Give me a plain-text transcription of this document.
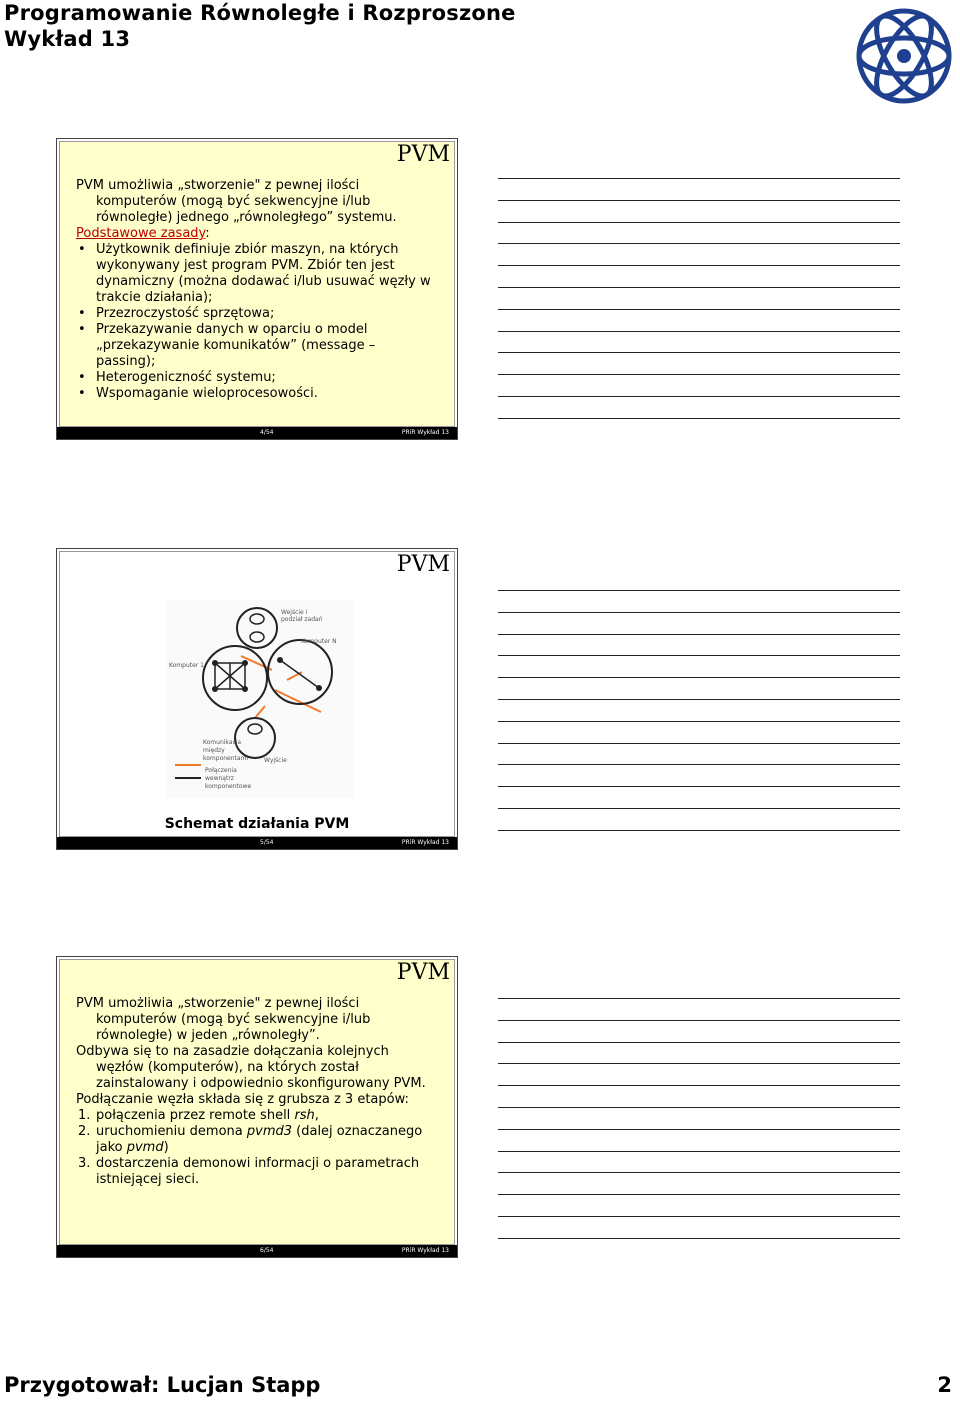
Programowanie Równoległe i Rozproszone
Wykład 13
PVM

PVM umożliwia „stworzenie" z pewnej ilości

komputerów (mogą być sekwencyjne i/lub

równoległe) jednego „równoległego” systemu.

Podstawowe zasady:

• Użytkownik definiuje zbiór maszyn, na których

wykonywany jest program PVM. Zbiór ten jest

dynamiczny (można dodawać i/lub usuwać węzły w

trakcie działania);

• Przezroczystość sprzętowa;

• Przekazywanie danych w oparciu o model

„przekazywanie komunikatów” (message –

passing);

• Heterogeniczność systemu;

• Wspomaganie wieloprocesowości.

4/54	PRiR Wykład 13
PVM
Wejście i
podział zadań
Komputer N
Komputer 1
Komunikacja
między
komponentami	Wyjście
Połączenia
wewnątrz
komponentowe
Schemat działania PVM
5/54	PRiR Wykład 13
PVM

PVM umożliwia „stworzenie" z pewnej ilości

komputerów (mogą być sekwencyjne i/lub

równoległe) w jeden „równoległy”.

Odbywa się to na zasadzie dołączania kolejnych

węzłów (komputerów), na których został

zainstalowany i odpowiednio skonfigurowany PVM.

Podłączanie węzła składa się z grubsza z 3 etapów:

1. połączenia przez remote shell rsh,

2. uruchomieniu demona pvmd3 (dalej oznaczanego

jako pvmd)

3. dostarczenia demonowi informacji o parametrach

istniejącej sieci.

6/54	PRiR Wykład 13
Przygotował: Lucjan Stapp	2
